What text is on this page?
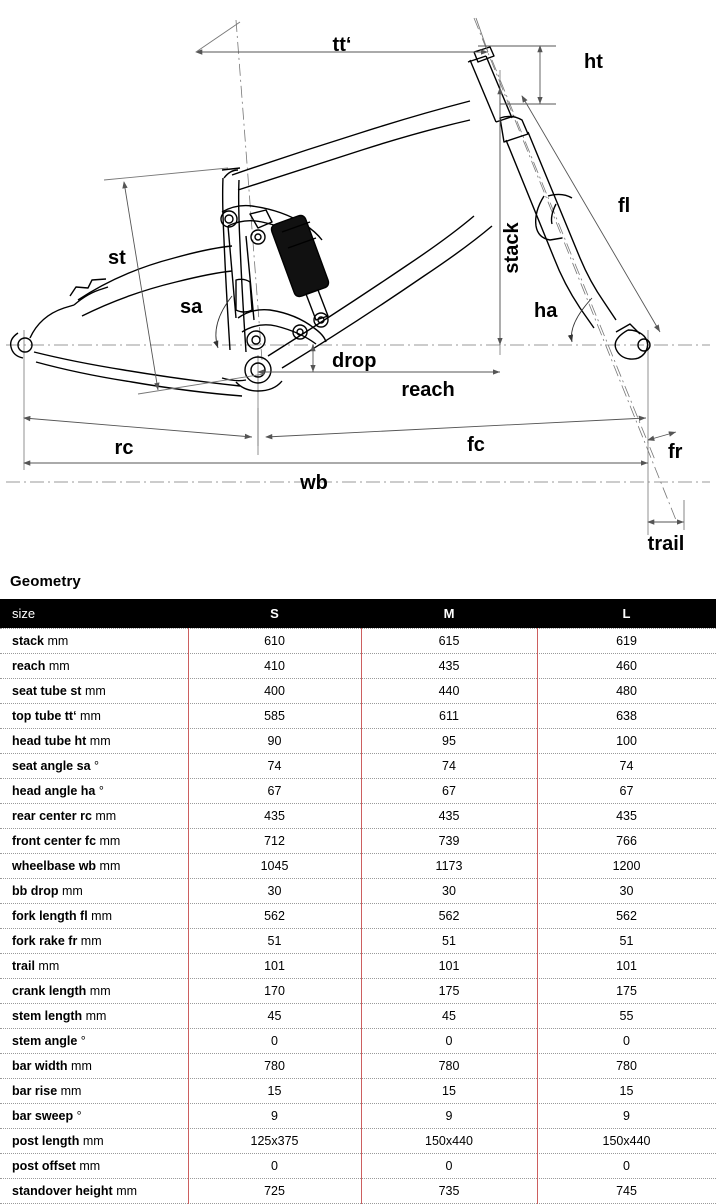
tt‘
ht
fl
st
sa
stack
ha
drop
reach
rc	fc	fr
wb
trail
Geometry
size	S	M	L
stack mm	610	615	619
reach mm	410	435	460
seat tube st mm	400	440	480
top tube tt‘ mm	585	611	638
head tube ht mm	90	95	100
seat angle sa °	74	74	74
head angle ha °	67	67	67
rear center rc mm	435	435	435
front center fc mm	712	739	766
wheelbase wb mm	1045	1173	1200
bb drop mm	30	30	30
fork length fl mm	562	562	562
fork rake fr mm	51	51	51
trail mm	101	101	101
crank length mm	170	175	175
stem length mm	45	45	55
stem angle °	0	0	0
bar width mm	780	780	780
bar rise mm	15	15	15
bar sweep °	9	9	9
post length mm	125x375	150x440	150x440
post offset mm	0	0	0
standover height mm	725	735	745
